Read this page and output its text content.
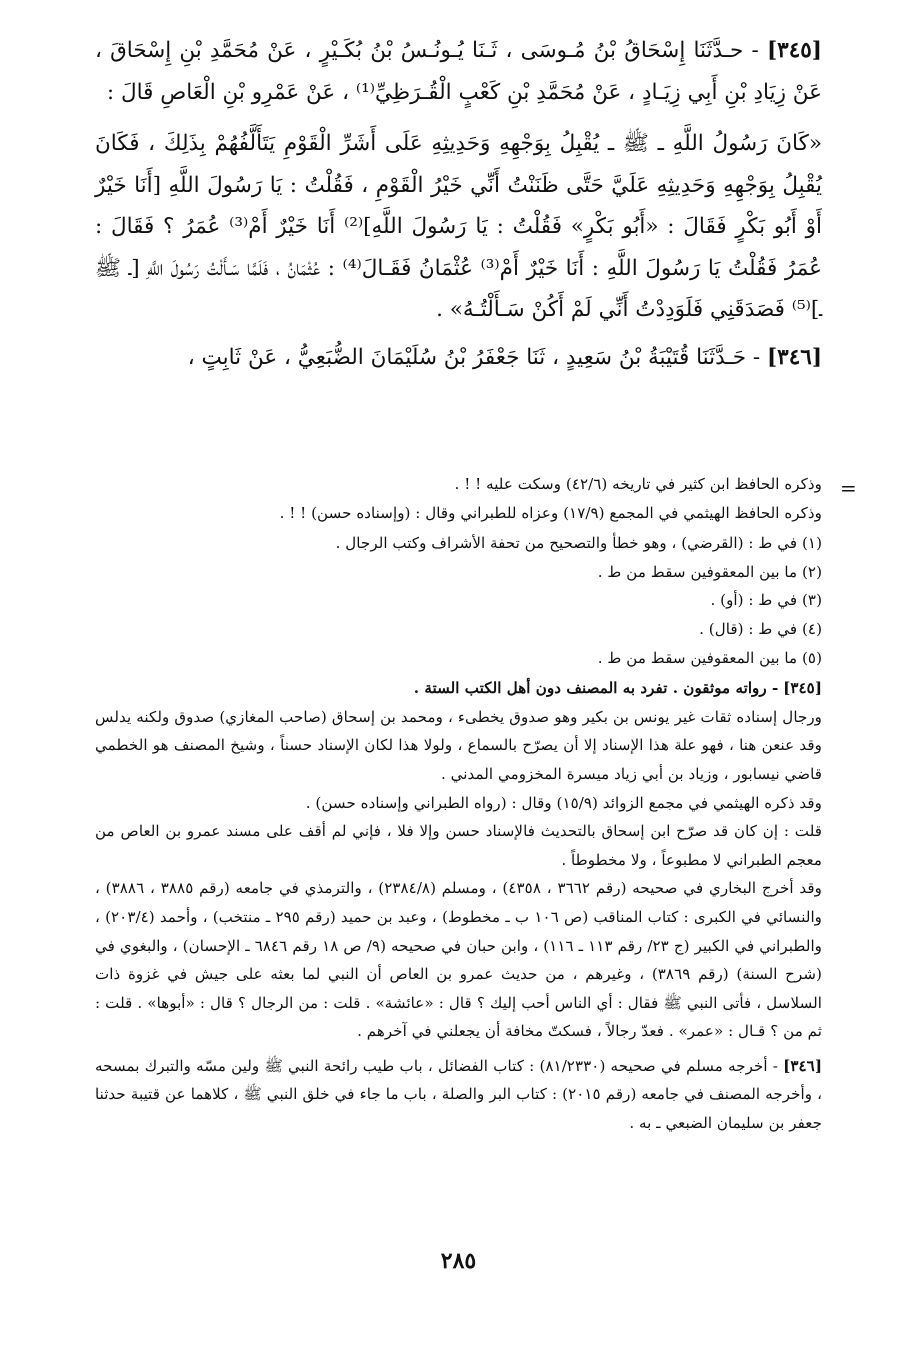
[٣٤٥] - حـدَّثَنَا إِسْحَاقُ بْنُ مُـوسَى ، ثَـنَا يُـونُـسُ بْنُ بُكَـيْرٍ ، عَنْ مُحَمَّدِ بْنِ إِسْحَاقَ ، عَنْ زِيَادِ بْنِ أَبِي زِيَـادٍ ، عَنْ مُحَمَّدِ بْنِ كَعْبٍ الْقُـرَظِيِّ⁽¹⁾ ، عَنْ عَمْرِو بْنِ الْعَاصِ قَالَ :

«كَانَ رَسُولُ اللَّهِ ـ ﷺ ـ يُقْبِلُ بِوَجْهِهِ وَحَدِيثِهِ عَلَى أَشَرِّ الْقَوْمِ يَتَأَلَّفُهُمْ بِذَلِكَ ، فَكَانَ يُقْبِلُ بِوَجْهِهِ وَحَدِيثِهِ عَلَيَّ حَتَّى ظَنَنْتُ أَنِّي خَيْرُ الْقَوْمِ ، فَقُلْتُ : يَا رَسُولَ اللَّهِ [أَنَا خَيْرٌ أَوْ أَبُو بَكْرٍ فَقَالَ : «أَبُو بَكْرٍ» فَقُلْتُ : يَا رَسُولَ اللَّهِ]⁽²⁾ أَنَا خَيْرٌ أَمْ⁽³⁾ عُمَرُ ؟ فَقَالَ : عُمَرُ فَقُلْتُ يَا رَسُولَ اللَّهِ : أَنَا خَيْرٌ أَمْ⁽³⁾ عُثْمَانُ فَقَـالَ⁽⁴⁾ : عُثْمَانُ ، فَلَمَّا سَـأَلْتُ رَسُولَ اللَّهِ [ـ ﷺ ـ]⁽⁵⁾ فَصَدَقَنِي فَلَوَدِدْتُ أَنِّي لَمْ أَكُنْ سَـأَلْتُـهُ» .

[٣٤٦] - حَـدَّثَنَا قُتَيْبَةُ بْنُ سَعِيدٍ ، ثَنَا جَعْفَرُ بْنُ سُلَيْمَانَ الضُّبَعِيُّ ، عَنْ ثَابِتٍ ،

=

وذكره الحافظ ابن كثير في تاريخه (٤٢/٦) وسكت عليه ! ! .

وذكره الحافظ الهيثمي في المجمع (١٧/٩) وعزاه للطبراني وقال : (وإسناده حسن) ! ! .

(١) في ط : (القرضي) ، وهو خطأ والتصحيح من تحفة الأشراف وكتب الرجال .

(٢) ما بين المعقوفين سقط من ط .

(٣) في ط : (أو) .

(٤) في ط : (قال) .

(٥) ما بين المعقوفين سقط من ط .

[٣٤٥] - رواته موثقون . تفرد به المصنف دون أهل الكتب الستة .

ورجال إسناده ثقات غير يونس بن بكير وهو صدوق يخطىء ، ومحمد بن إسحاق (صاحب المغازي) صدوق ولكنه يدلس وقد عنعن هنا ، فهو علة هذا الإسناد إلا أن يصرّح بالسماع ، ولولا هذا لكان الإسناد حسناً ، وشيخ المصنف هو الخطمي قاضي نيسابور ، وزياد بن أبي زياد ميسرة المخزومي المدني .

وقد ذكره الهيثمي في مجمع الزوائد (١٥/٩) وقال : (رواه الطبراني وإسناده حسن) .

قلت : إن كان قد صرّح ابن إسحاق بالتحديث فالإسناد حسن وإلا فلا ، فإني لم أقف على مسند عمرو بن العاص من معجم الطبراني لا مطبوعاً ، ولا مخطوطاً .

وقد أخرج البخاري في صحيحه (رقم ٣٦٦٢ ، ٤٣٥٨) ، ومسلم (٢٣٨٤/٨) ، والترمذي في جامعه (رقم ٣٨٨٥ ، ٣٨٨٦) ، والنسائي في الكبرى : كتاب المناقب (ص ١٠٦ ب ـ مخطوط) ، وعبد بن حميد (رقم ٢٩٥ ـ منتخب) ، وأحمد (٢٠٣/٤) ، والطبراني في الكبير (ج ٢٣/ رقم ١١٣ ـ ١١٦) ، وابن حبان في صحيحه (٩/ ص ١٨ رقم ٦٨٤٦ ـ الإحسان) ، والبغوي في (شرح السنة) (رقم ٣٨٦٩) ، وغيرهم ، من حديث عمرو بن العاص أن النبي لما بعثه على جيش في غزوة ذات السلاسل ، فأتى النبي ﷺ فقال : أي الناس أحب إليك ؟ قال : «عائشة» . قلت : من الرجال ؟ قال : «أبوها» . قلت : ثم من ؟ قـال : «عمر» . فعدّ رجالاً ، فسكتّ مخافة أن يجعلني في آخرهم .

[٣٤٦] - أخرجه مسلم في صحيحه (٨١/٢٣٣٠) : كتاب الفضائل ، باب طيب رائحة النبي ﷺ ولين مسّه والتبرك بمسحه ، وأخرجه المصنف في جامعه (رقم ٢٠١٥) : كتاب البر والصلة ، باب ما جاء في خلق النبي ﷺ ، كلاهما عن قتيبة حدثنا جعفر بن سليمان الضبعي ـ به .

٢٨٥
